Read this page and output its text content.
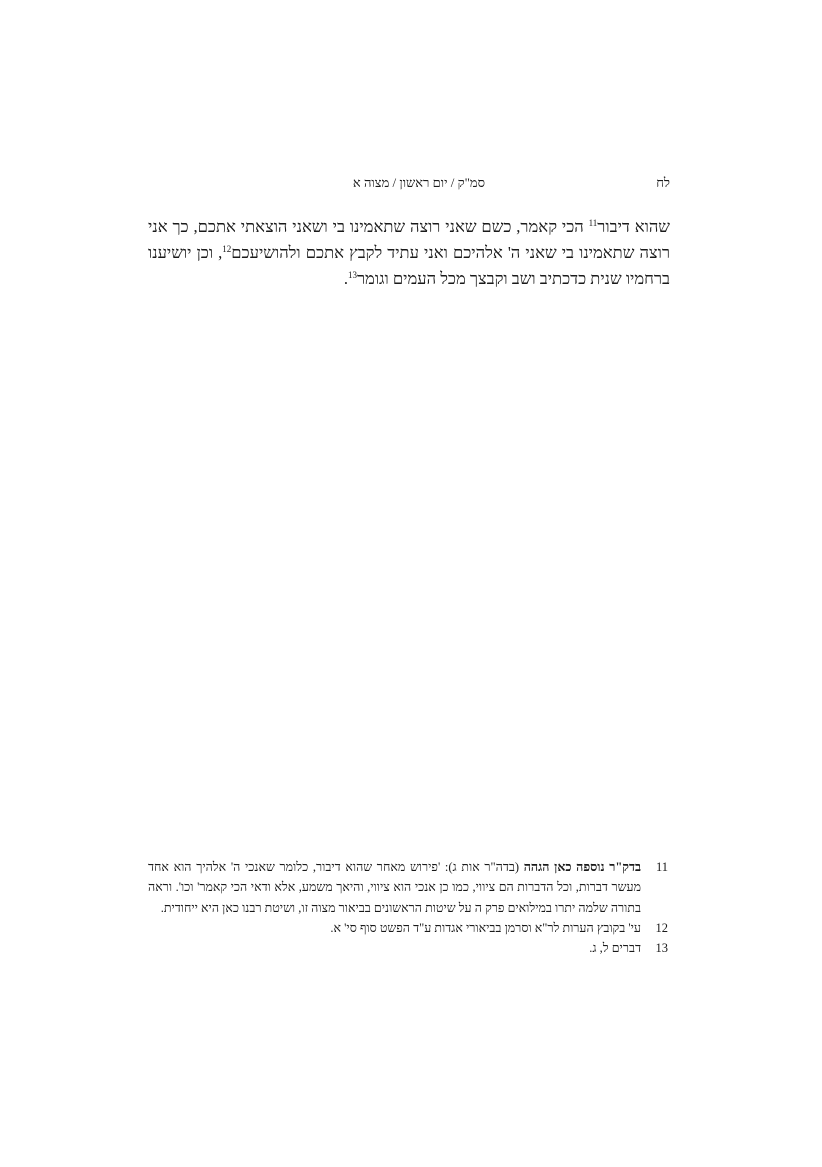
לח
סמ"ק / יום ראשון / מצוה א
שהוא דיבור$^{11}$ הכי קאמר, כשם שאני רוצה שתאמינו בי ושאני הוצאתי אתכם, כך אני רוצה שתאמינו בי שאני ה' אלהיכם ואני עתיד לקבץ אתכם ולהושיעכם$^{12}$, וכן יושיענו ברחמיו שנית כדכתיב ושב וקבצך מכל העמים וגומר$^{13}$.
11
בדק"ר נוספה כאן הגהה (בדה"ר אות ג): 'פירוש מאחר שהוא דיבור, כלומר שאנכי ה' אלהיך הוא אחד מעשר דברות, וכל הדברות הם ציווי, כמו כן אנכי הוא ציווי, והיאך משמע, אלא ודאי הכי קאמר' וכו'. וראה בתורה שלמה יתרו במילואים פרק ה על שיטות הראשונים בביאור מצוה זו, ושיטת רבנו כאן היא ייחודית.
12
עי' בקובץ הערות לר"א וסרמן בביאורי אגדות ע"ד הפשט סוף סי' א.
13
דברים ל, ג.
